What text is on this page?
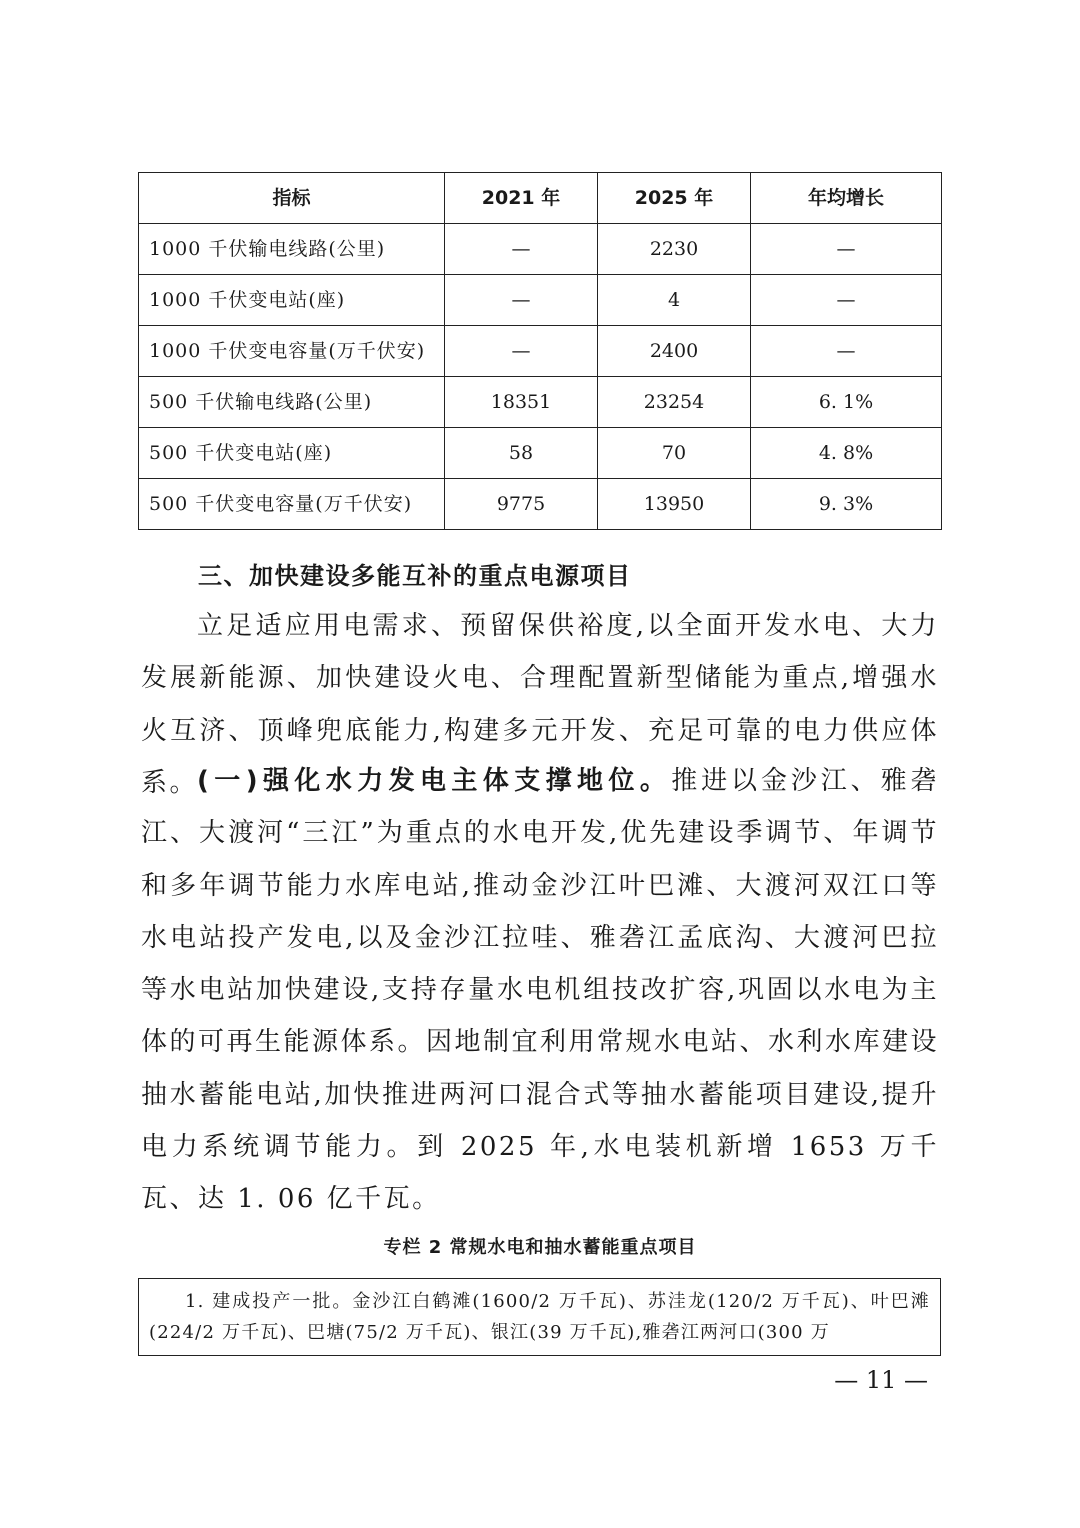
指标	2021 年	2025 年	年均增长
1000 千伏输电线路(公里)	—	2230	—
1000 千伏变电站(座)	—	4	—
1000 千伏变电容量(万千伏安)	—	2400	—
500 千伏输电线路(公里)	18351	23254	6. 1%
500 千伏变电站(座)	58	70	4. 8%
500 千伏变电容量(万千伏安)	9775	13950	9. 3%
三、加快建设多能互补的重点电源项目

立足适应用电需求、预留保供裕度,以全面开发水电、大力发展新能源、加快建设火电、合理配置新型储能为重点,增强水火互济、顶峰兜底能力,构建多元开发、充足可靠的电力供应体系。

(一)强化水力发电主体支撑地位。推进以金沙江、雅砻江、大渡河“三江”为重点的水电开发,优先建设季调节、年调节和多年调节能力水库电站,推动金沙江叶巴滩、大渡河双江口等水电站投产发电,以及金沙江拉哇、雅砻江孟底沟、大渡河巴拉等水电站加快建设,支持存量水电机组技改扩容,巩固以水电为主体的可再生能源体系。因地制宜利用常规水电站、水利水库建设抽水蓄能电站,加快推进两河口混合式等抽水蓄能项目建设,提升电力系统调节能力。到 2025 年,水电装机新增 1653 万千瓦、达 1. 06 亿千瓦。

专栏 2 常规水电和抽水蓄能重点项目

1. 建成投产一批。金沙江白鹤滩(1600/2 万千瓦)、苏洼龙(120/2 万千瓦)、叶巴滩(224/2 万千瓦)、巴塘(75/2 万千瓦)、银江(39 万千瓦),雅砻江两河口(300 万
— 11 —
